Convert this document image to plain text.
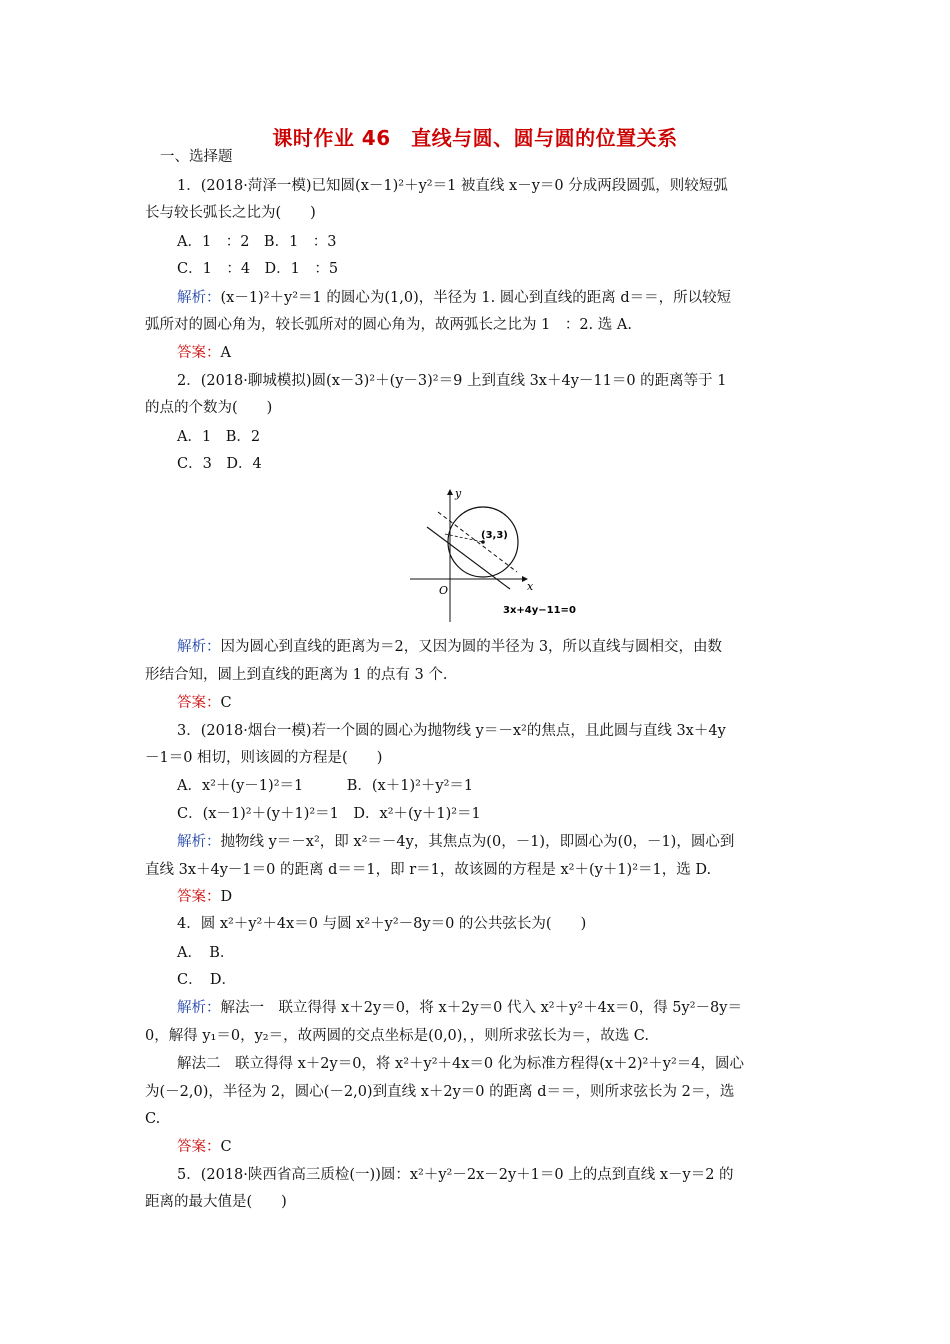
课时作业 46　直线与圆、圆与圆的位置关系
一、选择题
1．(2018·菏泽一模)已知圆(x－1)²＋y²＝1 被直线 x－y＝0 分成两段圆弧，则较短弧
长与较长弧长之比为(　　)
A．1　：2　B．1　：3
C．1　：4　D．1　：5
解析：(x－1)²＋y²＝1 的圆心为(1,0)，半径为 1. 圆心到直线的距离 d＝＝，所以较短
弧所对的圆心角为，较长弧所对的圆心角为，故两弧长之比为 1　：2. 选 A.
答案：A
2．(2018·聊城模拟)圆(x－3)²＋(y－3)²＝9 上到直线 3x＋4y－11＝0 的距离等于 1
的点的个数为(　　)
A．1　B．2
C．3　D．4
y
x
O
(3,3)
3x+4y−11=0
解析：因为圆心到直线的距离为＝2，又因为圆的半径为 3，所以直线与圆相交，由数
形结合知，圆上到直线的距离为 1 的点有 3 个.
答案：C
3．(2018·烟台一模)若一个圆的圆心为抛物线 y＝－x²的焦点，且此圆与直线 3x＋4y
－1＝0 相切，则该圆的方程是(　　)
A．x²＋(y－1)²＝1　　　B．(x＋1)²＋y²＝1
C．(x－1)²＋(y＋1)²＝1　D．x²＋(y＋1)²＝1
解析：抛物线 y＝－x²，即 x²＝－4y，其焦点为(0，－1)，即圆心为(0，－1)，圆心到
直线 3x＋4y－1＝0 的距离 d＝＝1，即 r＝1，故该圆的方程是 x²＋(y＋1)²＝1，选 D.
答案：D
4．圆 x²＋y²＋4x＝0 与圆 x²＋y²－8y＝0 的公共弦长为(　　)
A．　B．
C．　D．
解析：解法一　联立得得 x＋2y＝0，将 x＋2y＝0 代入 x²＋y²＋4x＝0，得 5y²－8y＝
0，解得 y₁＝0，y₂＝，故两圆的交点坐标是(0,0)，，则所求弦长为＝，故选 C.
解法二　联立得得 x＋2y＝0，将 x²＋y²＋4x＝0 化为标准方程得(x＋2)²＋y²＝4，圆心
为(－2,0)，半径为 2，圆心(－2,0)到直线 x＋2y＝0 的距离 d＝＝，则所求弦长为 2＝，选
C.
答案：C
5．(2018·陕西省高三质检(一))圆：x²＋y²－2x－2y＋1＝0 上的点到直线 x－y＝2 的
距离的最大值是(　　)
